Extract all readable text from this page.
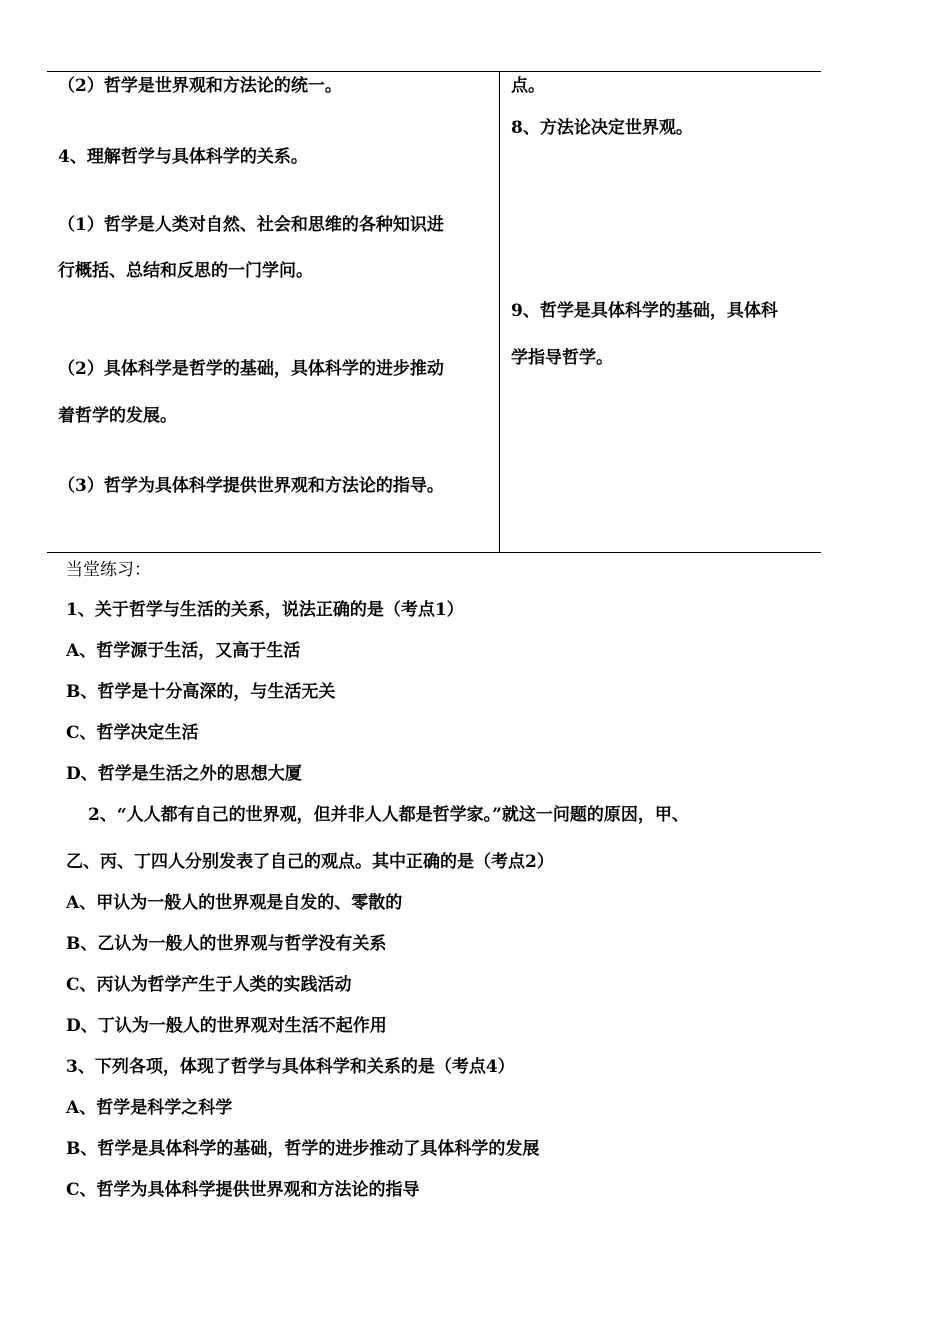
（2）哲学是世界观和方法论的统一。
4、理解哲学与具体科学的关系。
（1）哲学是人类对自然、社会和思维的各种知识进
行概括、总结和反思的一门学问。
（2）具体科学是哲学的基础，具体科学的进步推动
着哲学的发展。
（3）哲学为具体科学提供世界观和方法论的指导。
点。
8、方法论决定世界观。
9、哲学是具体科学的基础，具体科
学指导哲学。
当堂练习：
1、关于哲学与生活的关系，说法正确的是（考点1）
A、哲学源于生活，又高于生活
B、哲学是十分高深的，与生活无关
C、哲学决定生活
D、哲学是生活之外的思想大厦
2、“人人都有自己的世界观，但并非人人都是哲学家。”就这一问题的原因，甲、
乙、丙、丁四人分别发表了自己的观点。其中正确的是（考点2）
A、甲认为一般人的世界观是自发的、零散的
B、乙认为一般人的世界观与哲学没有关系
C、丙认为哲学产生于人类的实践活动
D、丁认为一般人的世界观对生活不起作用
3、下列各项，体现了哲学与具体科学和关系的是（考点4）
A、哲学是科学之科学
B、哲学是具体科学的基础，哲学的进步推动了具体科学的发展
C、哲学为具体科学提供世界观和方法论的指导
